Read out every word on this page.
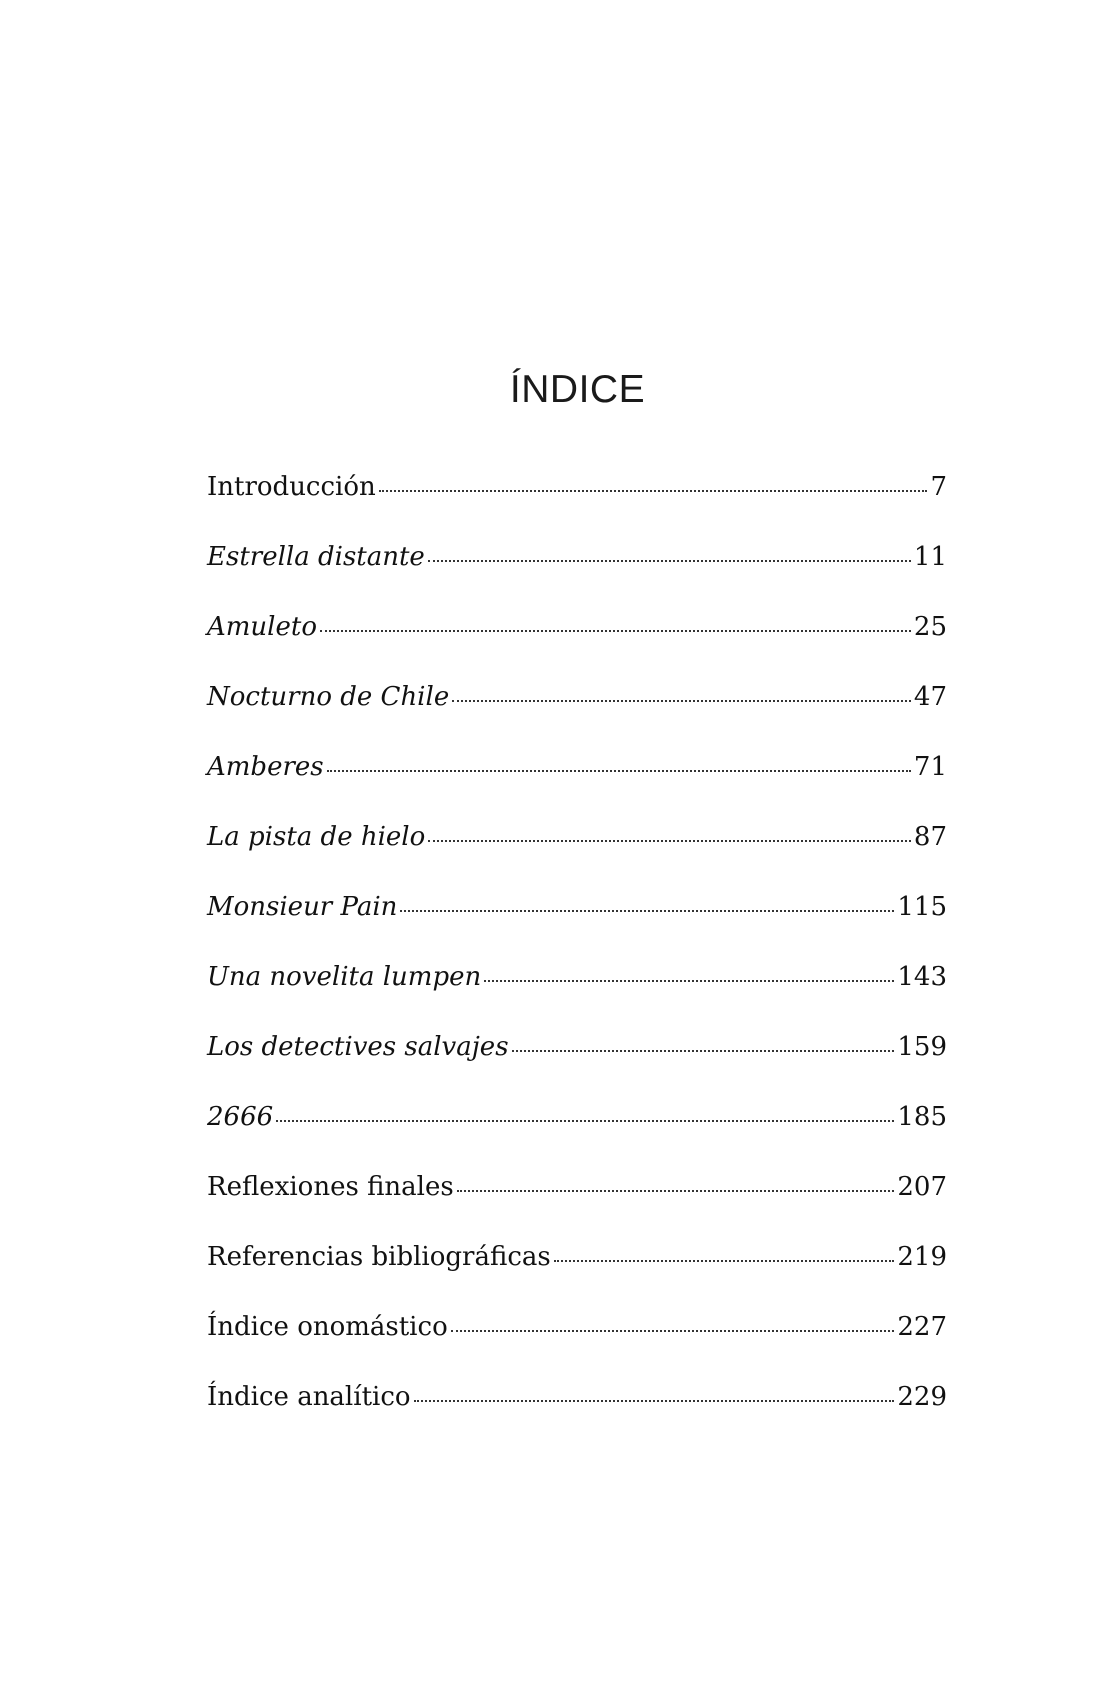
ÍNDICE
Introducción	7
Estrella distante	11
Amuleto	25
Nocturno de Chile	47
Amberes	71
La pista de hielo	87
Monsieur Pain	115
Una novelita lumpen	143
Los detectives salvajes	159
2666	185
Reflexiones finales	207
Referencias bibliográficas	219
Índice onomástico	227
Índice analítico	229
